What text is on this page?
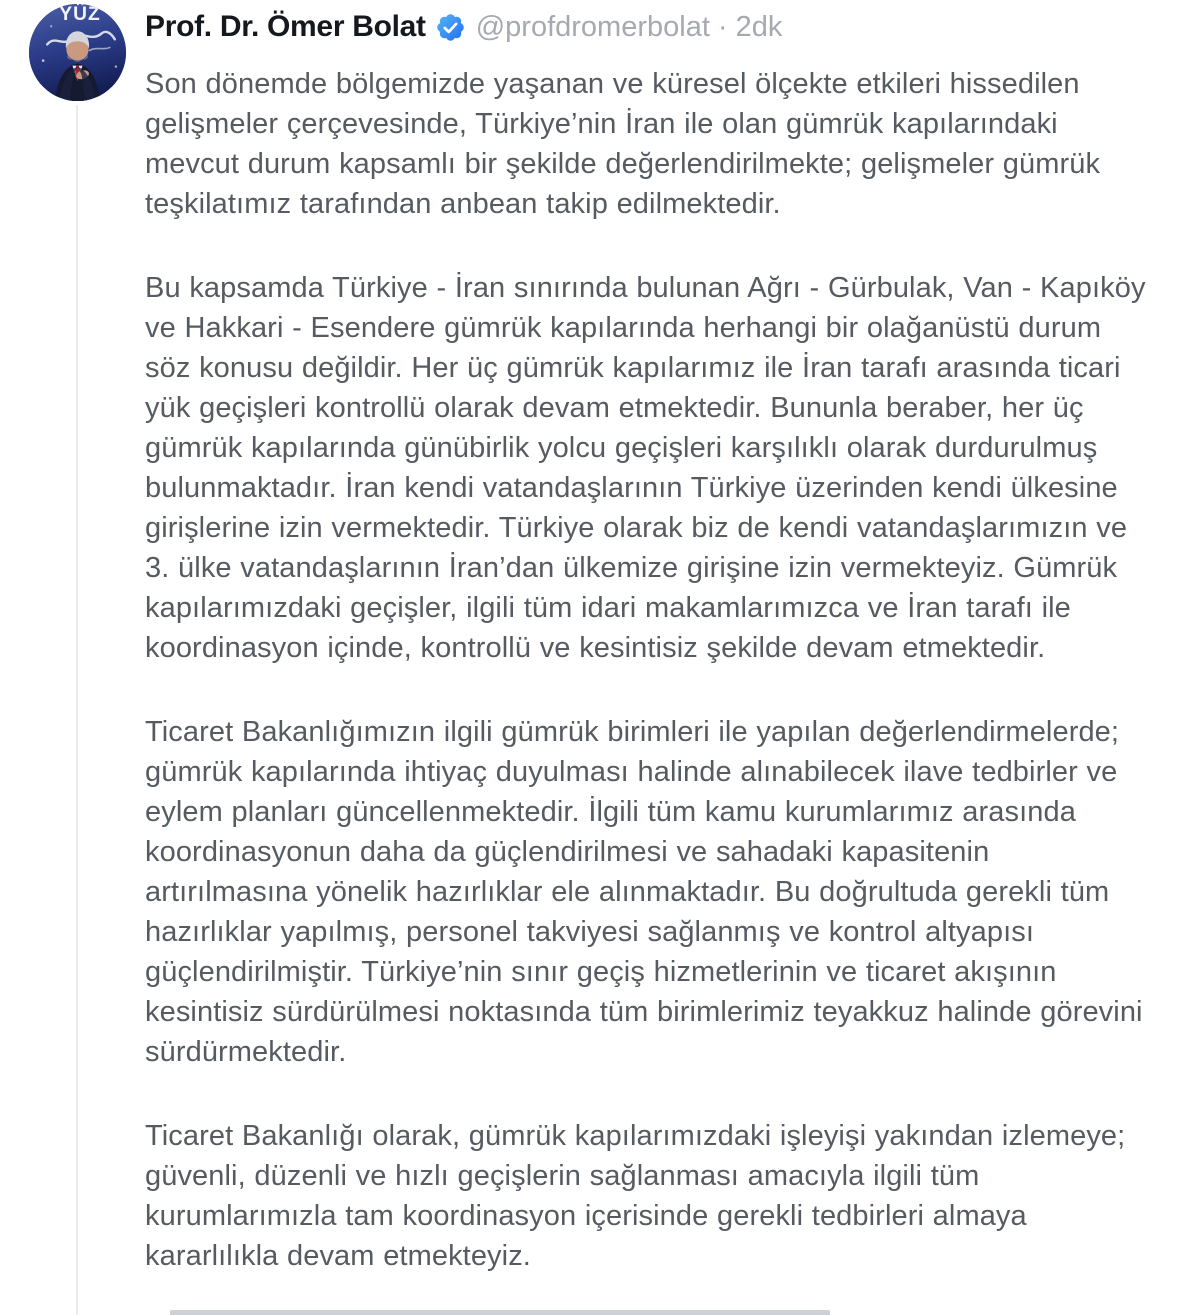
YÜZ Prof. Dr. Ömer Bolat @profdromerbolat · 2dk

Son dönemde bölgemizde yaşanan ve küresel ölçekte etkileri hissedilen gelişmeler çerçevesinde, Türkiye’nin İran ile olan gümrük kapılarındaki mevcut durum kapsamlı bir şekilde değerlendirilmekte; gelişmeler gümrük teşkilatımız tarafından anbean takip edilmektedir.

Bu kapsamda Türkiye - İran sınırında bulunan Ağrı - Gürbulak, Van - Kapıköy ve Hakkari - Esendere gümrük kapılarında herhangi bir olağanüstü durum söz konusu değildir. Her üç gümrük kapılarımız ile İran tarafı arasında ticari yük geçişleri kontrollü olarak devam etmektedir. Bununla beraber, her üç gümrük kapılarında günübirlik yolcu geçişleri karşılıklı olarak durdurulmuş bulunmaktadır. İran kendi vatandaşlarının Türkiye üzerinden kendi ülkesine girişlerine izin vermektedir. Türkiye olarak biz de kendi vatandaşlarımızın ve 3. ülke vatandaşlarının İran’dan ülkemize girişine izin vermekteyiz. Gümrük kapılarımızdaki geçişler, ilgili tüm idari makamlarımızca ve İran tarafı ile koordinasyon içinde, kontrollü ve kesintisiz şekilde devam etmektedir.

Ticaret Bakanlığımızın ilgili gümrük birimleri ile yapılan değerlendirmelerde; gümrük kapılarında ihtiyaç duyulması halinde alınabilecek ilave tedbirler ve eylem planları güncellenmektedir. İlgili tüm kamu kurumlarımız arasında koordinasyonun daha da güçlendirilmesi ve sahadaki kapasitenin artırılmasına yönelik hazırlıklar ele alınmaktadır. Bu doğrultuda gerekli tüm hazırlıklar yapılmış, personel takviyesi sağlanmış ve kontrol altyapısı güçlendirilmiştir. Türkiye’nin sınır geçiş hizmetlerinin ve ticaret akışının kesintisiz sürdürülmesi noktasında tüm birimlerimiz teyakkuz halinde görevini sürdürmektedir.

Ticaret Bakanlığı olarak, gümrük kapılarımızdaki işleyişi yakından izlemeye; güvenli, düzenli ve hızlı geçişlerin sağlanması amacıyla ilgili tüm kurumlarımızla tam koordinasyon içerisinde gerekli tedbirleri almaya kararlılıkla devam etmekteyiz.
